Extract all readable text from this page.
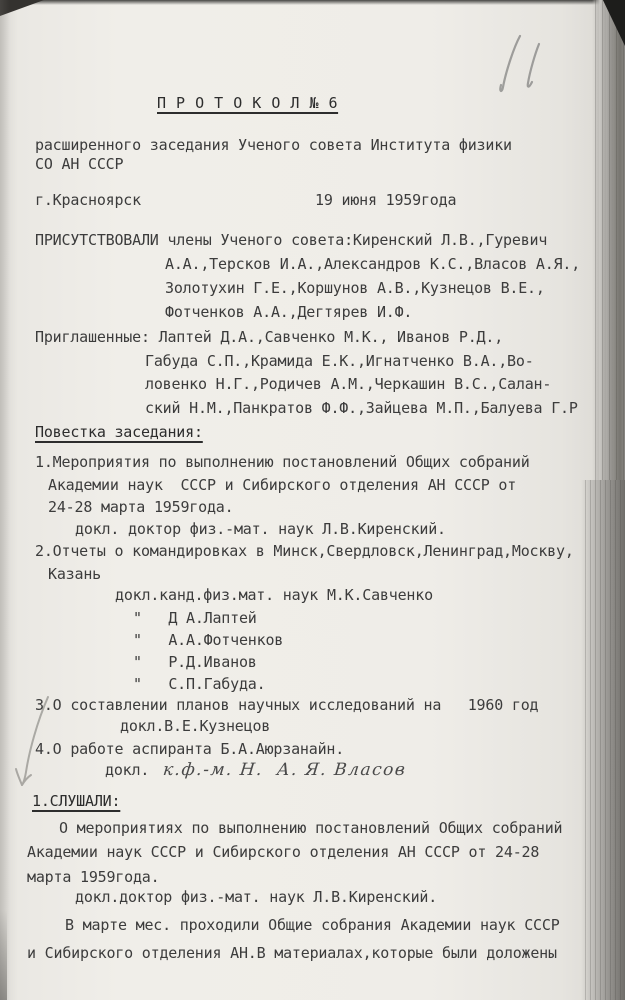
П Р О Т О К О Л № 6
расширенного заседания Ученого совета Института физики
СО АН СССР
г.Красноярск	19 июня 1959года
ПРИСУТСТВОВАЛИ члены Ученого совета:Киренский Л.В.,Гуревич
А.А.,Терсков И.А.,Александров К.С.,Власов А.Я.,
Золотухин Г.Е.,Коршунов А.В.,Кузнецов В.Е.,
Фотченков А.А.,Дегтярев И.Ф.
Приглашенные: Лаптей Д.А.,Савченко М.К., Иванов Р.Д.,
Габуда С.П.,Крамида Е.К.,Игнатченко В.А.,Во-
ловенко Н.Г.,Родичев А.М.,Черкашин В.С.,Салан-
ский Н.М.,Панкратов Ф.Ф.,Зайцева М.П.,Балуева Г.Р
Повестка заседания:
1.Мероприятия по выполнению постановлений Общих собраний
Академии наук  СССР и Сибирского отделения АН СССР от
24-28 марта 1959года.
докл. доктор физ.-мат. наук Л.В.Киренский.
2.Отчеты о командировках в Минск,Свердловск,Ленинград,Москву,
Казань
докл.канд.физ.мат. наук М.К.Савченко
"   Д А.Лаптей
"   А.А.Фотченков
"   Р.Д.Иванов
"   С.П.Габуда.
3.О составлении планов научных исследований на   1960 год
докл.В.Е.Кузнецов
4.О работе аспиранта Б.А.Аюрзанайн.
докл. к.ф.-м. Н.  А. Я. Власов
1.СЛУШАЛИ:
О мероприятиях по выполнению постановлений Общих собраний
Академии наук СССР и Сибирского отделения АН СССР от 24-28
марта 1959года.
докл.доктор физ.-мат. наук Л.В.Киренский.
В марте мес. проходили Общие собрания Академии наук СССР
и Сибирского отделения АН.В материалах,которые были доложены
